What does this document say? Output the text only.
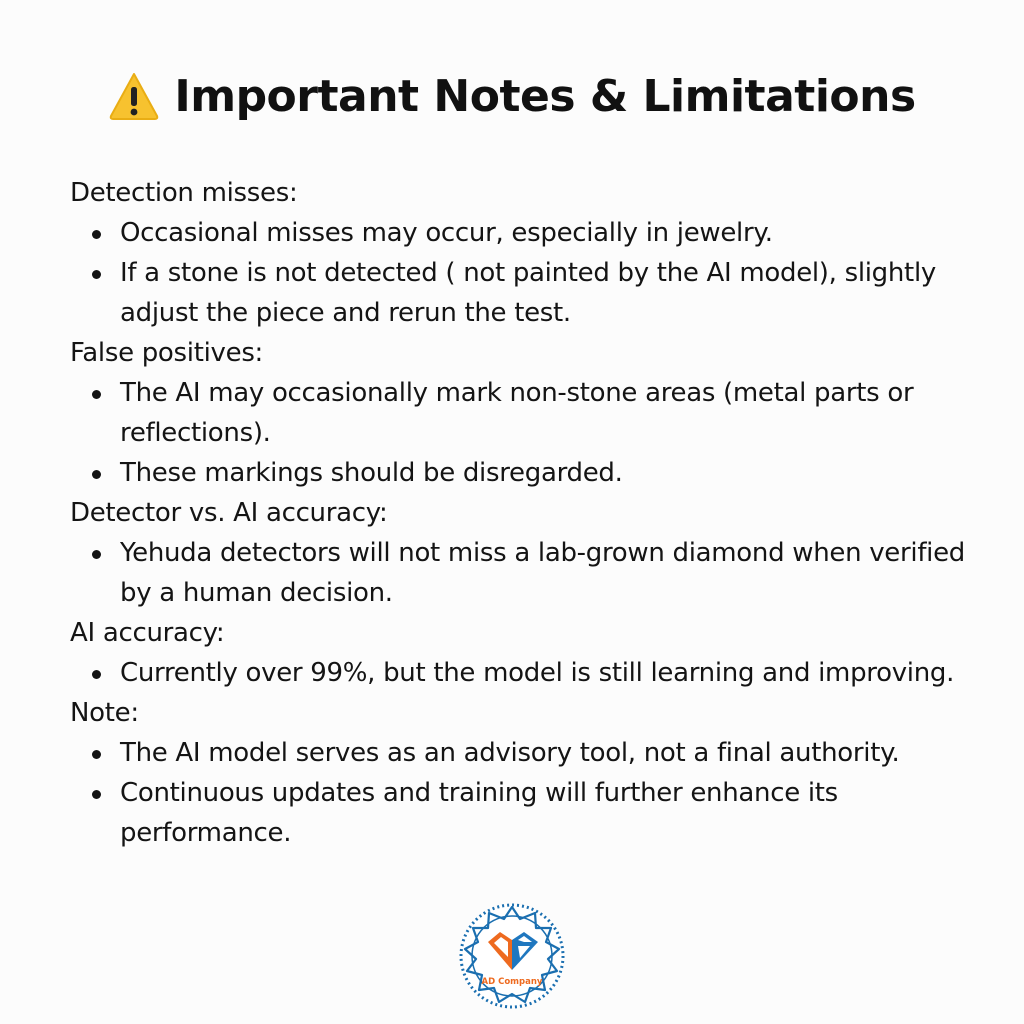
Important Notes & Limitations
Detection misses:
Occasional misses may occur, especially in jewelry.
If a stone is not detected ( not painted by the AI model), slightly adjust the piece and rerun the test.
False positives:
The AI may occasionally mark non-stone areas (metal parts or reflections).
These markings should be disregarded.
Detector vs. AI accuracy:
Yehuda detectors will not miss a lab-grown diamond when verified by a human decision.
AI accuracy:
Currently over 99%, but the model is still learning and improving.
Note:
The AI model serves as an advisory tool, not a final authority.
Continuous updates and training will further enhance its performance.
AD Company
